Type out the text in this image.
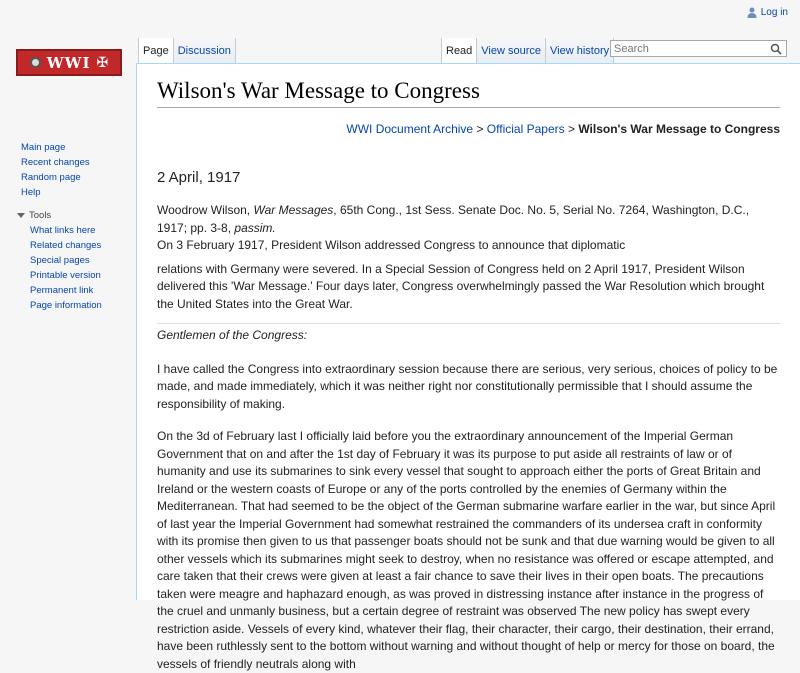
Log in
WWI ✠
Page Discussion	Read View source View history
Search
Main page
Recent changes
Random page
Help
Tools
What links here
Related changes
Special pages
Printable version
Permanent link
Page information
Wilson's War Message to Congress
WWI Document Archive > Official Papers > Wilson's War Message to Congress
2 April, 1917

Woodrow Wilson, War Messages, 65th Cong., 1st Sess. Senate Doc. No. 5, Serial No. 7264, Washington, D.C., 1917; pp. 3-8, passim.

On 3 February 1917, President Wilson addressed Congress to announce that diplomatic

relations with Germany were severed. In a Special Session of Congress held on 2 April 1917, President Wilson delivered this 'War Message.' Four days later, Congress overwhelmingly passed the War Resolution which brought the United States into the Great War.

Gentlemen of the Congress:

I have called the Congress into extraordinary session because there are serious, very serious, choices of policy to be made, and made immediately, which it was neither right nor constitutionally permissible that I should assume the responsibility of making.

On the 3d of February last I officially laid before you the extraordinary announcement of the Imperial German Government that on and after the 1st day of February it was its purpose to put aside all restraints of law or of humanity and use its submarines to sink every vessel that sought to approach either the ports of Great Britain and Ireland or the western coasts of Europe or any of the ports controlled by the enemies of Germany within the Mediterranean. That had seemed to be the object of the German submarine warfare earlier in the war, but since April of last year the Imperial Government had somewhat restrained the commanders of its undersea craft in conformity with its promise then given to us that passenger boats should not be sunk and that due warning would be given to all other vessels which its submarines might seek to destroy, when no resistance was offered or escape attempted, and care taken that their crews were given at least a fair chance to save their lives in their open boats. The precautions taken were meagre and haphazard enough, as was proved in distressing instance after instance in the progress of the cruel and unmanly business, but a certain degree of restraint was observed The new policy has swept every restriction aside. Vessels of every kind, whatever their flag, their character, their cargo, their destination, their errand, have been ruthlessly sent to the bottom without warning and without thought of help or mercy for those on board, the vessels of friendly neutrals along with
